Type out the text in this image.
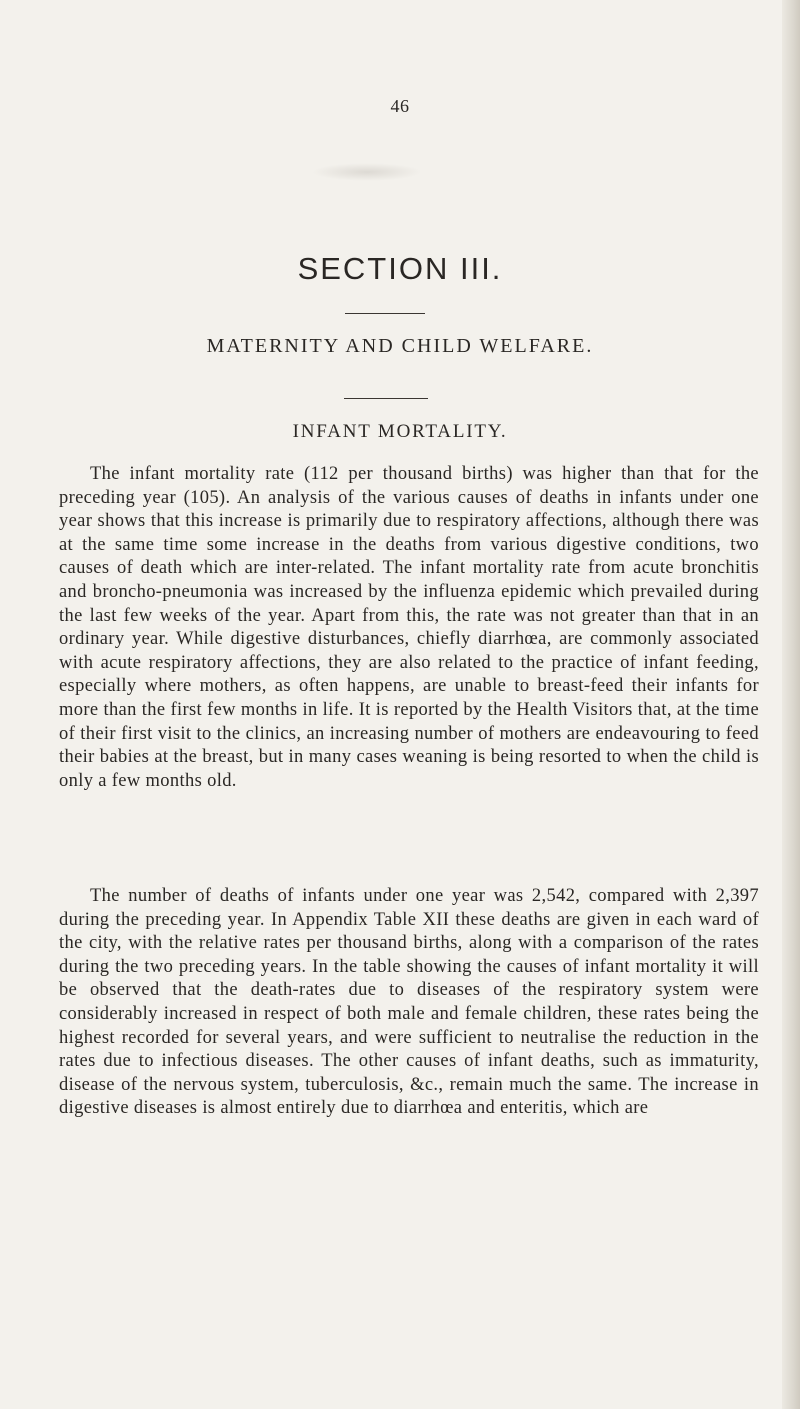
46
SECTION III.
MATERNITY AND CHILD WELFARE.
INFANT MORTALITY.

The infant mortality rate (112 per thousand births) was higher than that for the preceding year (105). An analysis of the various causes of deaths in infants under one year shows that this increase is primarily due to respiratory affections, although there was at the same time some increase in the deaths from various digestive conditions, two causes of death which are inter-related. The infant mortality rate from acute bronchitis and broncho-pneumonia was increased by the influenza epidemic which prevailed during the last few weeks of the year. Apart from this, the rate was not greater than that in an ordinary year. While digestive disturbances, chiefly diarrhœa, are commonly associated with acute respiratory affections, they are also related to the practice of infant feeding, especially where mothers, as often happens, are unable to breast-feed their infants for more than the first few months in life. It is reported by the Health Visitors that, at the time of their first visit to the clinics, an increasing number of mothers are endeavouring to feed their babies at the breast, but in many cases weaning is being resorted to when the child is only a few months old.

The number of deaths of infants under one year was 2,542, compared with 2,397 during the preceding year. In Appendix Table XII these deaths are given in each ward of the city, with the relative rates per thousand births, along with a comparison of the rates during the two preceding years. In the table showing the causes of infant mortality it will be observed that the death-rates due to diseases of the respiratory system were considerably increased in respect of both male and female children, these rates being the highest recorded for several years, and were sufficient to neutralise the reduction in the rates due to infectious diseases. The other causes of infant deaths, such as immaturity, disease of the nervous system, tuberculosis, &c., remain much the same. The increase in digestive diseases is almost entirely due to diarrhœa and enteritis, which are
